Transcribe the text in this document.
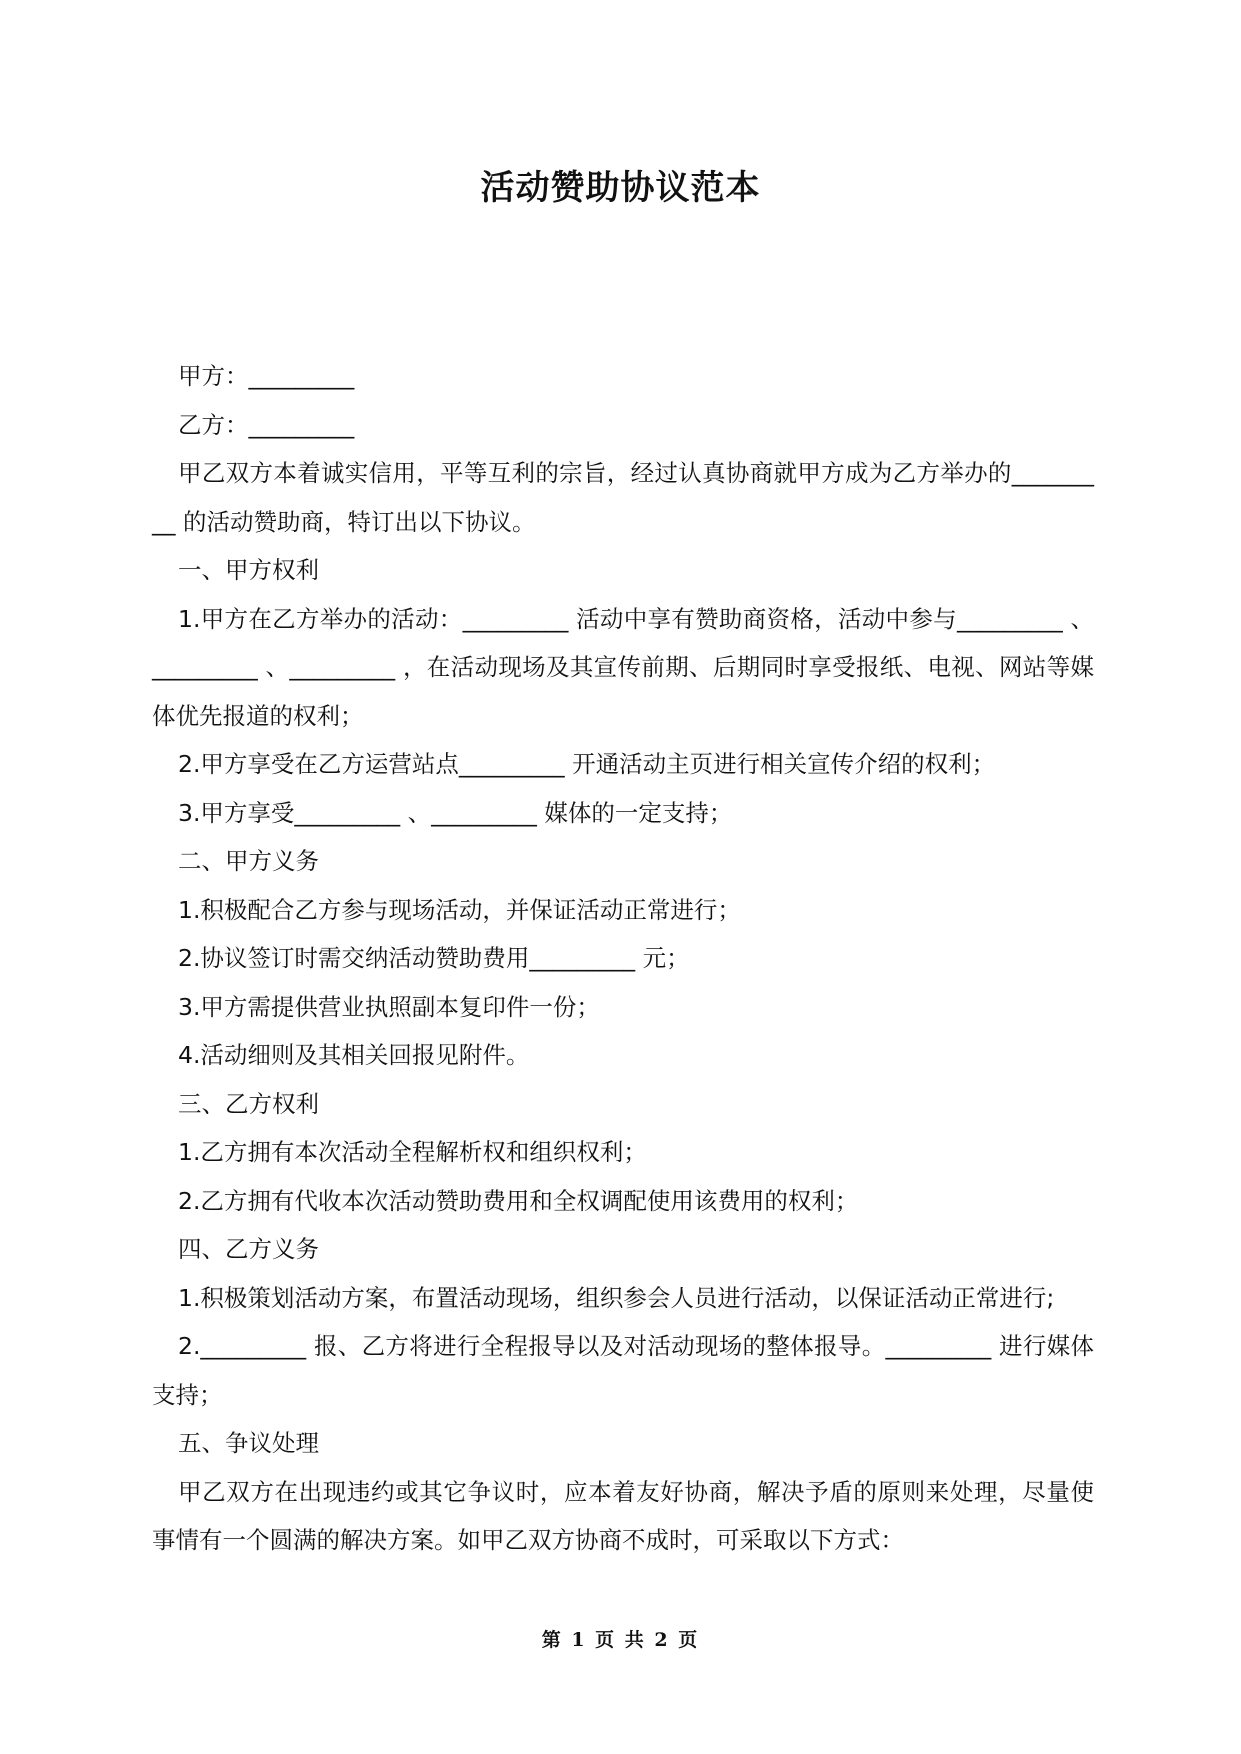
活动赞助协议范本

甲方：_________

乙方：_________

甲乙双方本着诚实信用，平等互利的宗旨，经过认真协商就甲方成为乙方举办的_________ 的活动赞助商，特订出以下协议。

一、甲方权利

1.甲方在乙方举办的活动：_________ 活动中享有赞助商资格，活动中参与_________ 、_________ 、_________ ，在活动现场及其宣传前期、后期同时享受报纸、电视、网站等媒体优先报道的权利；

2.甲方享受在乙方运营站点_________ 开通活动主页进行相关宣传介绍的权利；

3.甲方享受_________ 、_________ 媒体的一定支持；

二、甲方义务

1.积极配合乙方参与现场活动，并保证活动正常进行；

2.协议签订时需交纳活动赞助费用_________ 元；

3.甲方需提供营业执照副本复印件一份；

4.活动细则及其相关回报见附件。

三、乙方权利

1.乙方拥有本次活动全程解析权和组织权利；

2.乙方拥有代收本次活动赞助费用和全权调配使用该费用的权利；

四、乙方义务

1.积极策划活动方案，布置活动现场，组织参会人员进行活动，以保证活动正常进行;

2._________ 报、乙方将进行全程报导以及对活动现场的整体报导。_________ 进行媒体支持；

五、争议处理

甲乙双方在出现违约或其它争议时，应本着友好协商，解决予盾的原则来处理，尽量使事情有一个圆满的解决方案。如甲乙双方协商不成时，可采取以下方式：

第 1 页 共 2 页
